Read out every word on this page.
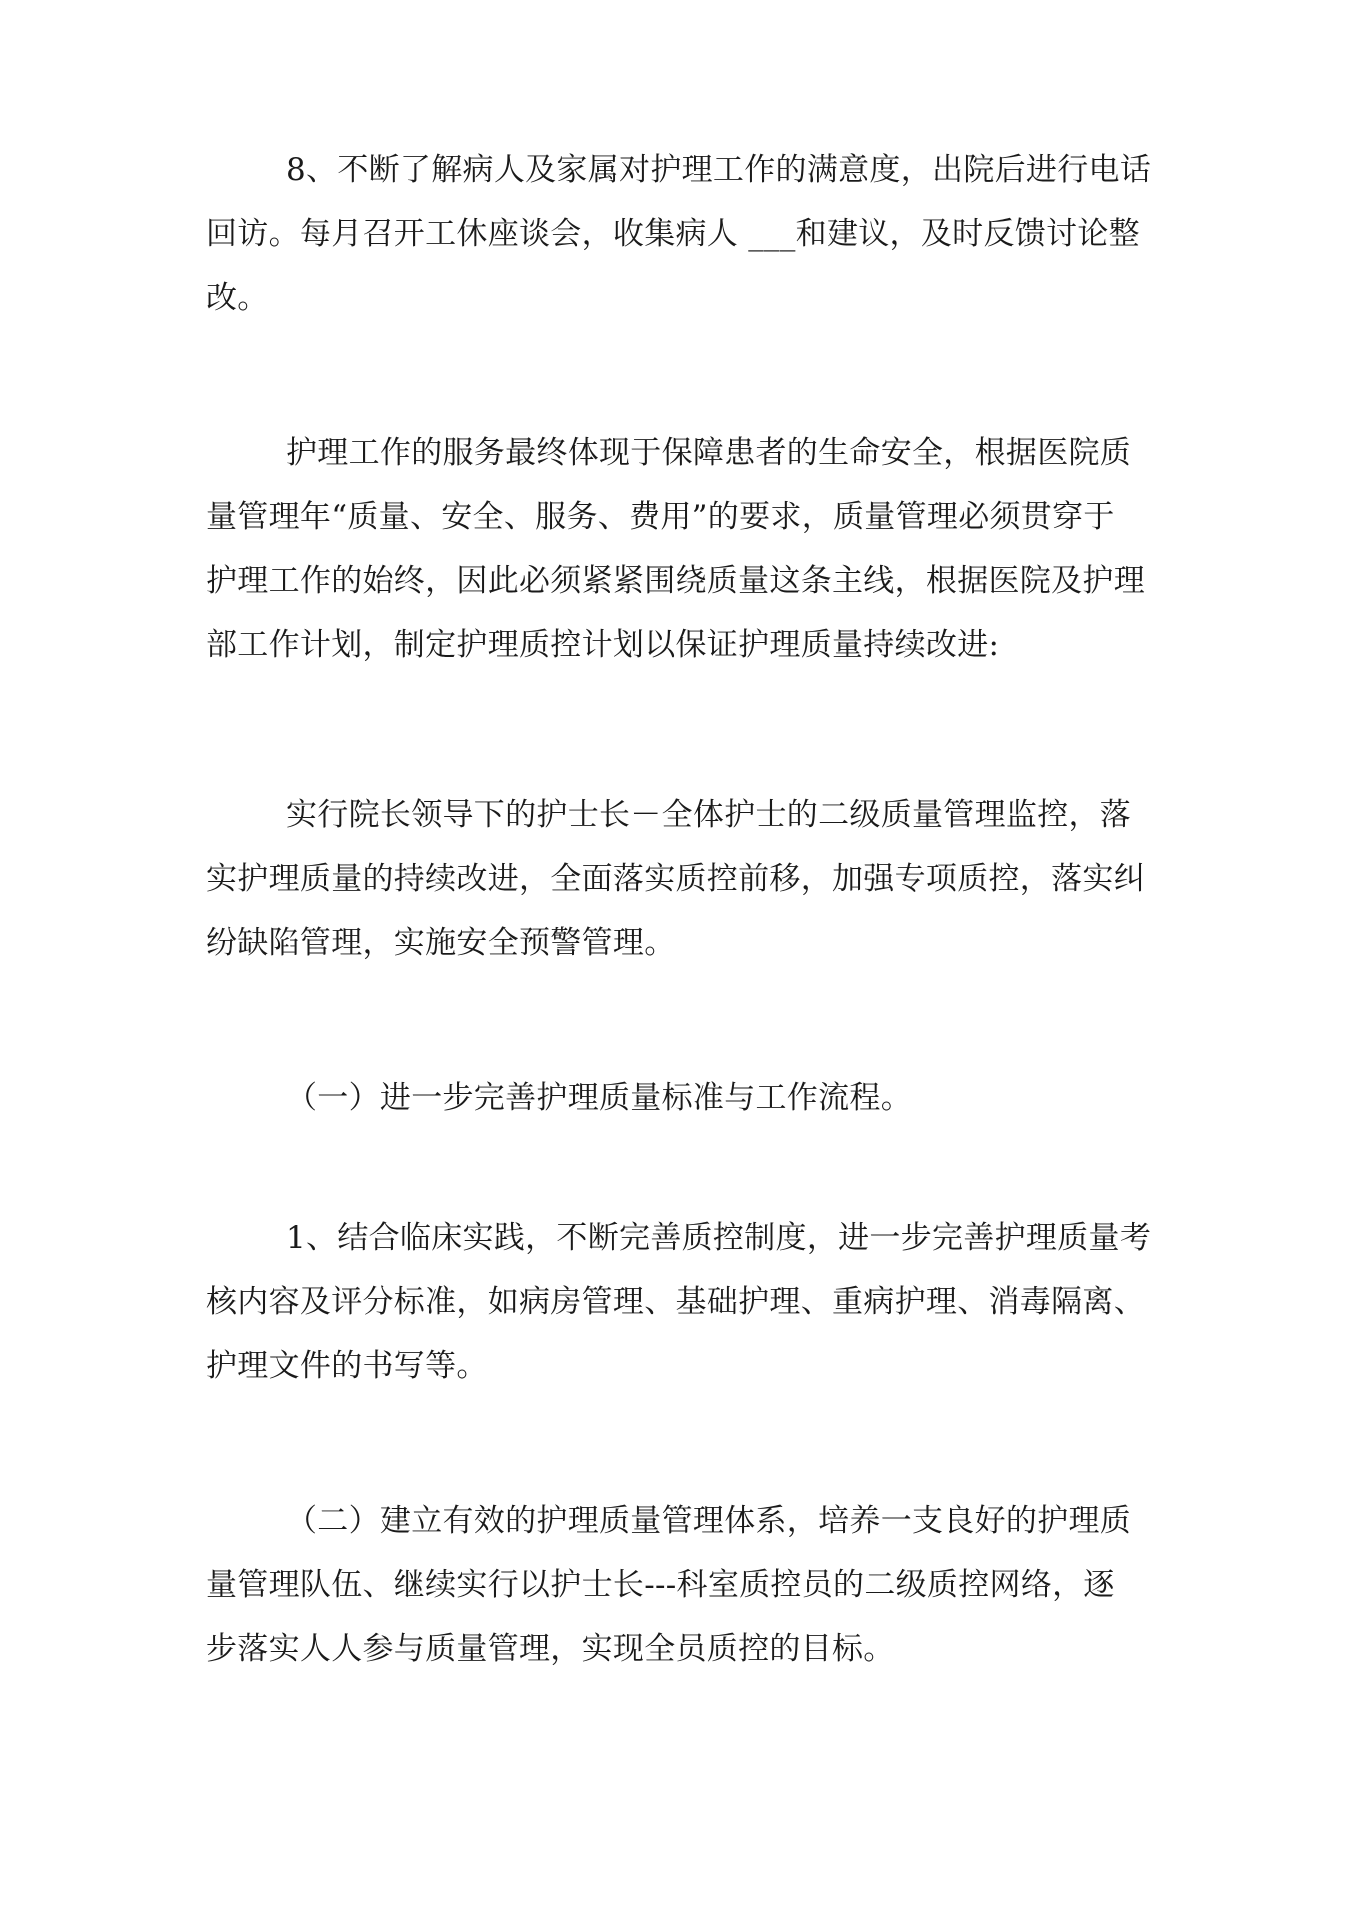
8、不断了解病人及家属对护理工作的满意度，出院后进行电话
回访。每月召开工休座谈会，收集病人 ___和建议，及时反馈讨论整
改。

护理工作的服务最终体现于保障患者的生命安全，根据医院质
量管理年“质量、安全、服务、费用”的要求，质量管理必须贯穿于
护理工作的始终，因此必须紧紧围绕质量这条主线，根据医院及护理
部工作计划，制定护理质控计划以保证护理质量持续改进:

实行院长领导下的护士长－全体护士的二级质量管理监控，落
实护理质量的持续改进，全面落实质控前移，加强专项质控，落实纠
纷缺陷管理，实施安全预警管理。

（一）进一步完善护理质量标准与工作流程。

1、结合临床实践，不断完善质控制度，进一步完善护理质量考
核内容及评分标准，如病房管理、基础护理、重病护理、消毒隔离、
护理文件的书写等。

（二）建立有效的护理质量管理体系，培养一支良好的护理质
量管理队伍、继续实行以护士长---科室质控员的二级质控网络，逐
步落实人人参与质量管理，实现全员质控的目标。
